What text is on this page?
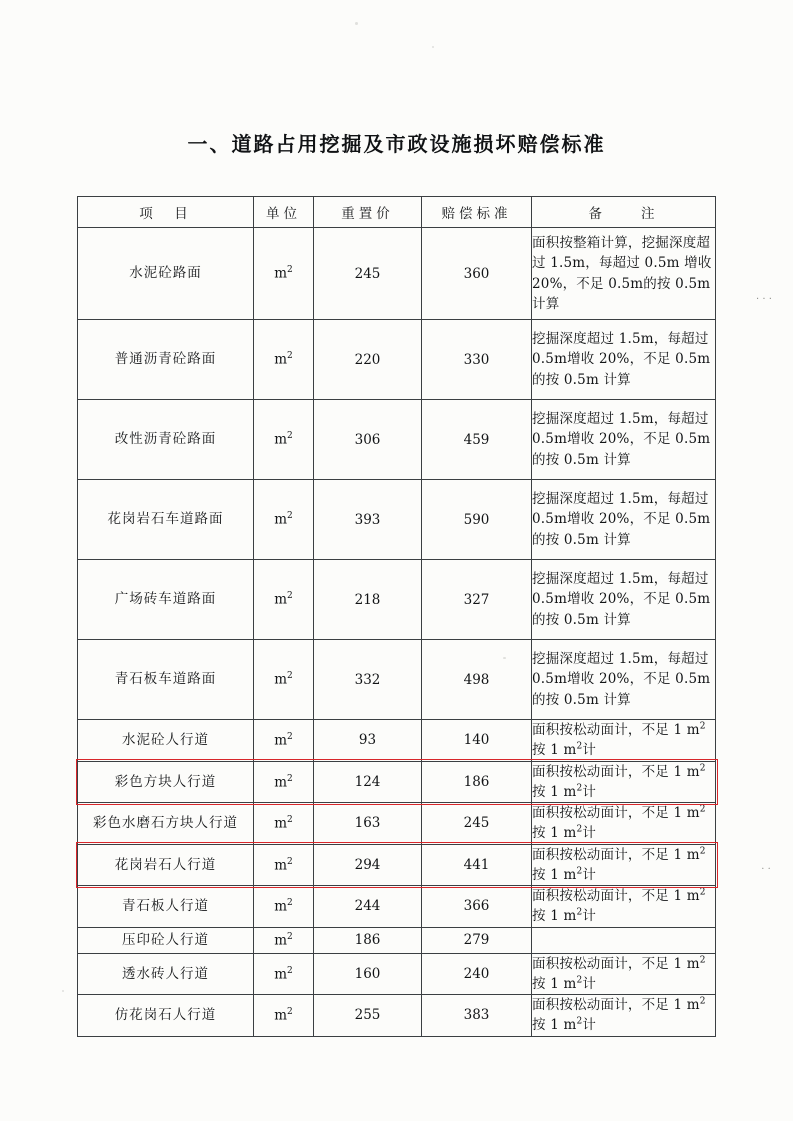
一、道路占用挖掘及市政设施损坏赔偿标准
项　目	单位	重置价	赔偿标准	备　　注
水泥砼路面	$m^2$	245	360	面积按整箱计算，挖掘深度超过 1.5m，每超过 0.5m 增收 20%，不足 0.5m的按 0.5m 计算
普通沥青砼路面	$m^2$	220	330	挖掘深度超过 1.5m，每超过 0.5m增收 20%，不足 0.5m 的按 0.5m 计算
改性沥青砼路面	$m^2$	306	459	挖掘深度超过 1.5m，每超过 0.5m增收 20%，不足 0.5m 的按 0.5m 计算
花岗岩石车道路面	$m^2$	393	590	挖掘深度超过 1.5m，每超过 0.5m增收 20%，不足 0.5m 的按 0.5m 计算
广场砖车道路面	$m^2$	218	327	挖掘深度超过 1.5m，每超过 0.5m增收 20%，不足 0.5m 的按 0.5m 计算
青石板车道路面	$m^2$	332	498	挖掘深度超过 1.5m，每超过 0.5m增收 20%，不足 0.5m 的按 0.5m 计算
水泥砼人行道	$m^2$	93	140	面积按松动面计，不足 1 $m^2$按 1 $m^2$计
彩色方块人行道	$m^2$	124	186	面积按松动面计，不足 1 $m^2$按 1 $m^2$计
彩色水磨石方块人行道	$m^2$	163	245	面积按松动面计，不足 1 $m^2$按 1 $m^2$计
花岗岩石人行道	$m^2$	294	441	面积按松动面计，不足 1 $m^2$按 1 $m^2$计
青石板人行道	$m^2$	244	366	面积按松动面计，不足 1 $m^2$按 1 $m^2$计
压印砼人行道	$m^2$	186	279	
透水砖人行道	$m^2$	160	240	面积按松动面计，不足 1 $m^2$按 1 $m^2$计
仿花岗石人行道	$m^2$	255	383	面积按松动面计，不足 1 $m^2$按 1 $m^2$计
· · ·
· ·
